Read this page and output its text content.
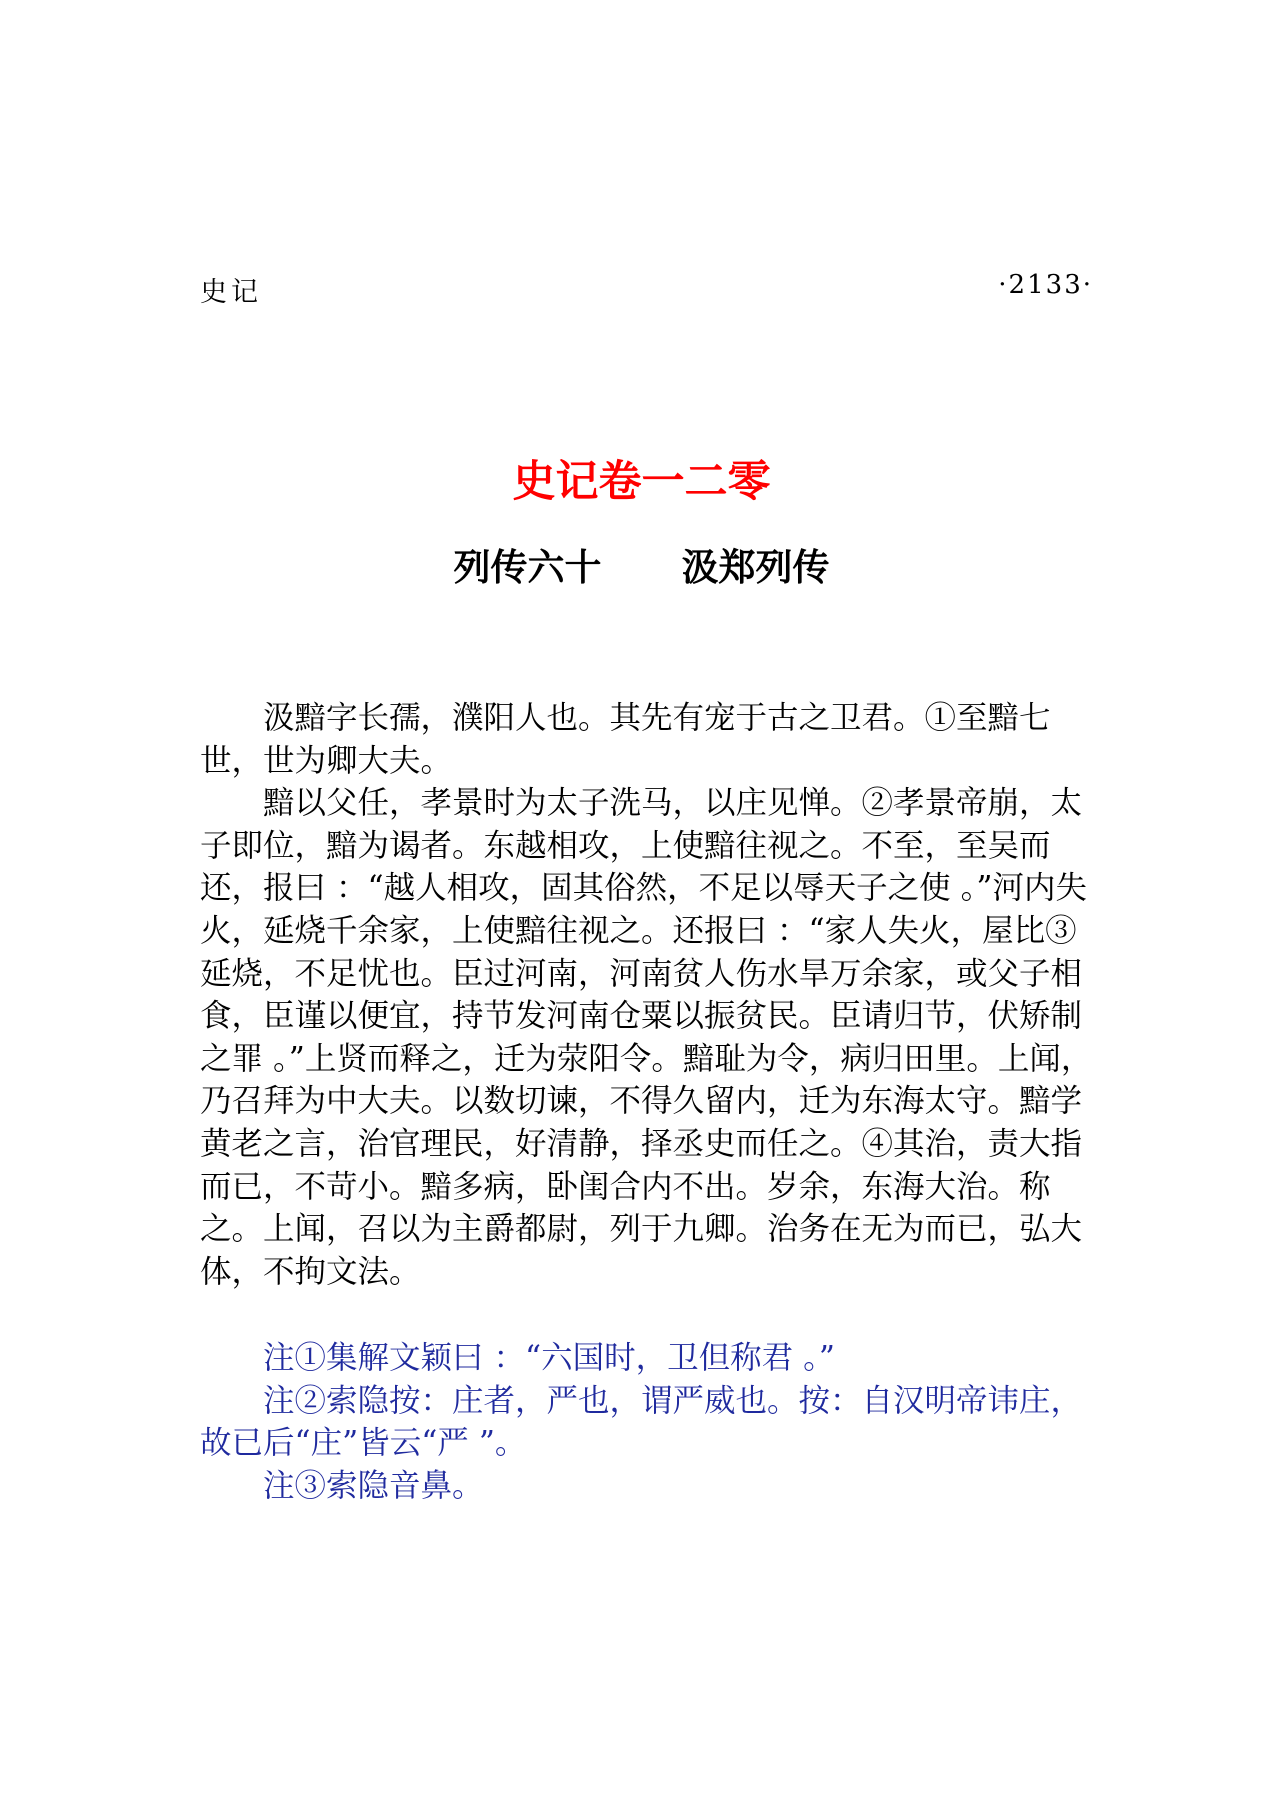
史记	·2133·
史记卷一二零
列传六十 汲郑列传

汲黯字长孺，濮阳人也。其先有宠于古之卫君。①至黯七世，世为卿大夫。

黯以父任，孝景时为太子洗马，以庄见惮。②孝景帝崩，太子即位，黯为谒者。东越相攻，上使黯往视之。不至，至吴而还，报曰 ：“越人相攻，固其俗然，不足以辱天子之使 。”河内失火，延烧千余家，上使黯往视之。还报曰 ：“家人失火，屋比③延烧，不足忧也。臣过河南，河南贫人伤水旱万余家，或父子相食，臣谨以便宜，持节发河南仓粟以振贫民。臣请归节，伏矫制之罪 。”上贤而释之，迁为荥阳令。黯耻为令，病归田里。上闻，乃召拜为中大夫。以数切谏，不得久留内，迁为东海太守。黯学黄老之言，治官理民，好清静，择丞史而任之。④其治，责大指而已，不苛小。黯多病，卧闺合内不出。岁余，东海大治。称之。上闻，召以为主爵都尉，列于九卿。治务在无为而已，弘大体，不拘文法。

注①集解文颖曰 ：“六国时，卫但称君 。”

注②索隐按：庄者，严也，谓严威也。按：自汉明帝讳庄，故已后“庄”皆云“严 ”。

注③索隐音鼻。
